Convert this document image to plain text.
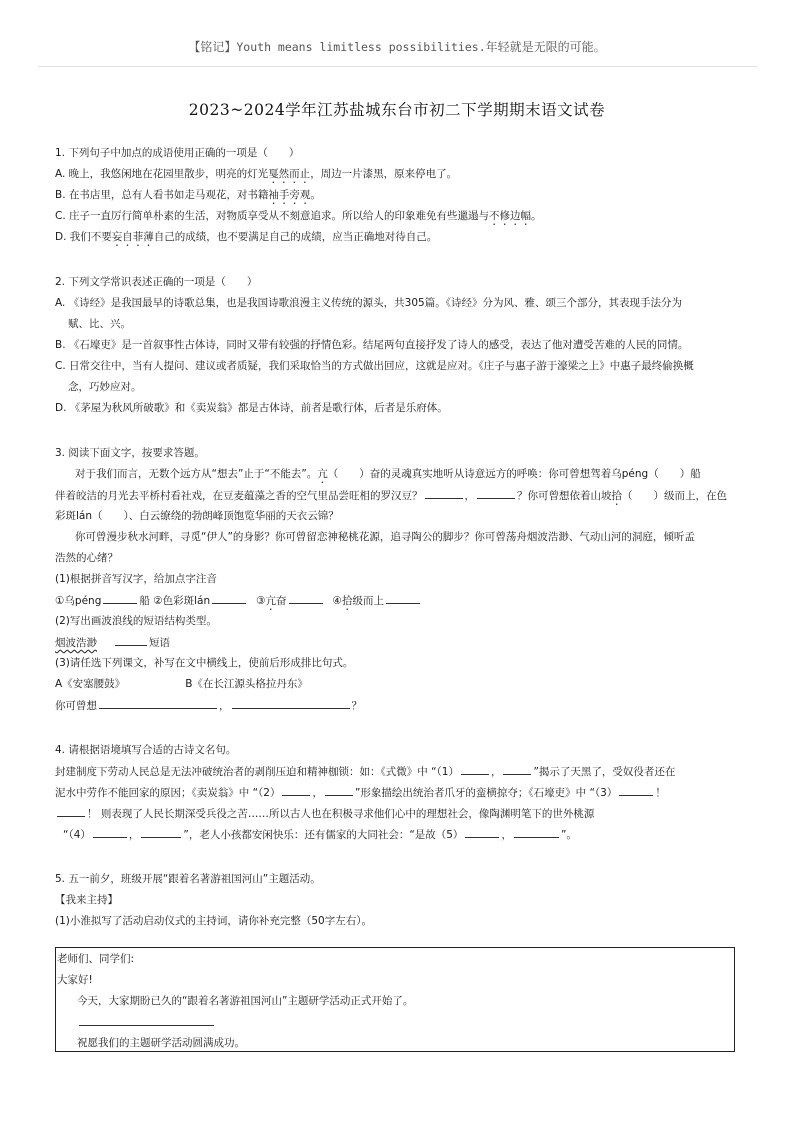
【铭记】Youth means limitless possibilities.年轻就是无限的可能。
2023~2024学年江苏盐城东台市初二下学期期末语文试卷
1. 下列句子中加点的成语使用正确的一项是（　　）
A. 晚上，我悠闲地在花园里散步，明亮的灯光戛然而止，周边一片漆黑，原来停电了。
B. 在书店里，总有人看书如走马观花，对书籍袖手旁观。
C. 庄子一直厉行简单朴素的生活，对物质享受从不刻意追求。所以给人的印象难免有些邋遢与不修边幅。
D. 我们不要妄自菲薄自己的成绩，也不要满足自己的成绩，应当正确地对待自己。
2. 下列文学常识表述正确的一项是（　　）
A. 《诗经》是我国最早的诗歌总集，也是我国诗歌浪漫主义传统的源头，共305篇。《诗经》分为风、雅、颂三个部分，其表现手法分为
赋、比、兴。
B. 《石壕吏》是一首叙事性古体诗，同时又带有较强的抒情色彩。结尾两句直接抒发了诗人的感受，表达了他对遭受苦难的人民的同情。
C. 日常交往中，当有人提问、建议或者质疑，我们采取恰当的方式做出回应，这就是应对。《庄子与惠子游于濠梁之上》中惠子最终偷换概
念，巧妙应对。
D. 《茅屋为秋风所破歌》和《卖炭翁》都是古体诗，前者是歌行体，后者是乐府体。
3. 阅读下面文字，按要求答题。
对于我们而言，无数个远方从“想去”止于“不能去”。亢（　　）奋的灵魂真实地听从诗意远方的呼唤：你可曾想驾着乌péng（　　）船
伴着皎洁的月光去平桥村看社戏，在豆麦蕴藻之香的空气里品尝旺相的罗汉豆？	，	？你可曾想依着山坡拾（　　）级而上，在色
彩斑lán（　　）、白云缭绕的勃朗峰顶饱览华丽的天衣云锦？
你可曾漫步秋水河畔，寻觅“伊人”的身影？你可曾留恋神秘桃花源，追寻陶公的脚步？你可曾荡舟烟波浩渺、气动山河的洞庭，倾听孟
浩然的心绪？
(1)根据拼音写汉字，给加点字注音
①乌péng	船 ②色彩斑lán	③亢奋	④拾级而上
(2)写出画波浪线的短语结构类型。
烟波浩渺	短语
(3)请任选下列课文，补写在文中横线上，使前后形成排比句式。
A《安塞腰鼓》	B《在长江源头格拉丹东》
你可曾想	，	？
4. 请根据语境填写合适的古诗文名句。
封建制度下劳动人民总是无法冲破统治者的剥削压迫和精神枷锁：如：《式微》中 “（1）	，	”揭示了天黑了，受奴役者还在
泥水中劳作不能回家的原因；《卖炭翁》中 “（2）	，	”形象描绘出统治者爪牙的蛮横掠夺；《石壕吏》中 “（3）	！
！ 则表现了人民长期深受兵役之苦……所以古人也在积极寻求他们心中的理想社会，像陶渊明笔下的世外桃源
“（4）	，	”，老人小孩都安闲快乐：还有儒家的大同社会：“是故（5）	，	”。
5. 五一前夕，班级开展“跟着名著游祖国河山”主题活动。
【我来主持】
(1)小淮拟写了活动启动仪式的主持词，请你补充完整（50字左右）。
老师们、同学们:
大家好!
今天，大家期盼已久的“跟着名著游祖国河山”主题研学活动正式开始了。
祝愿我们的主题研学活动圆满成功。
